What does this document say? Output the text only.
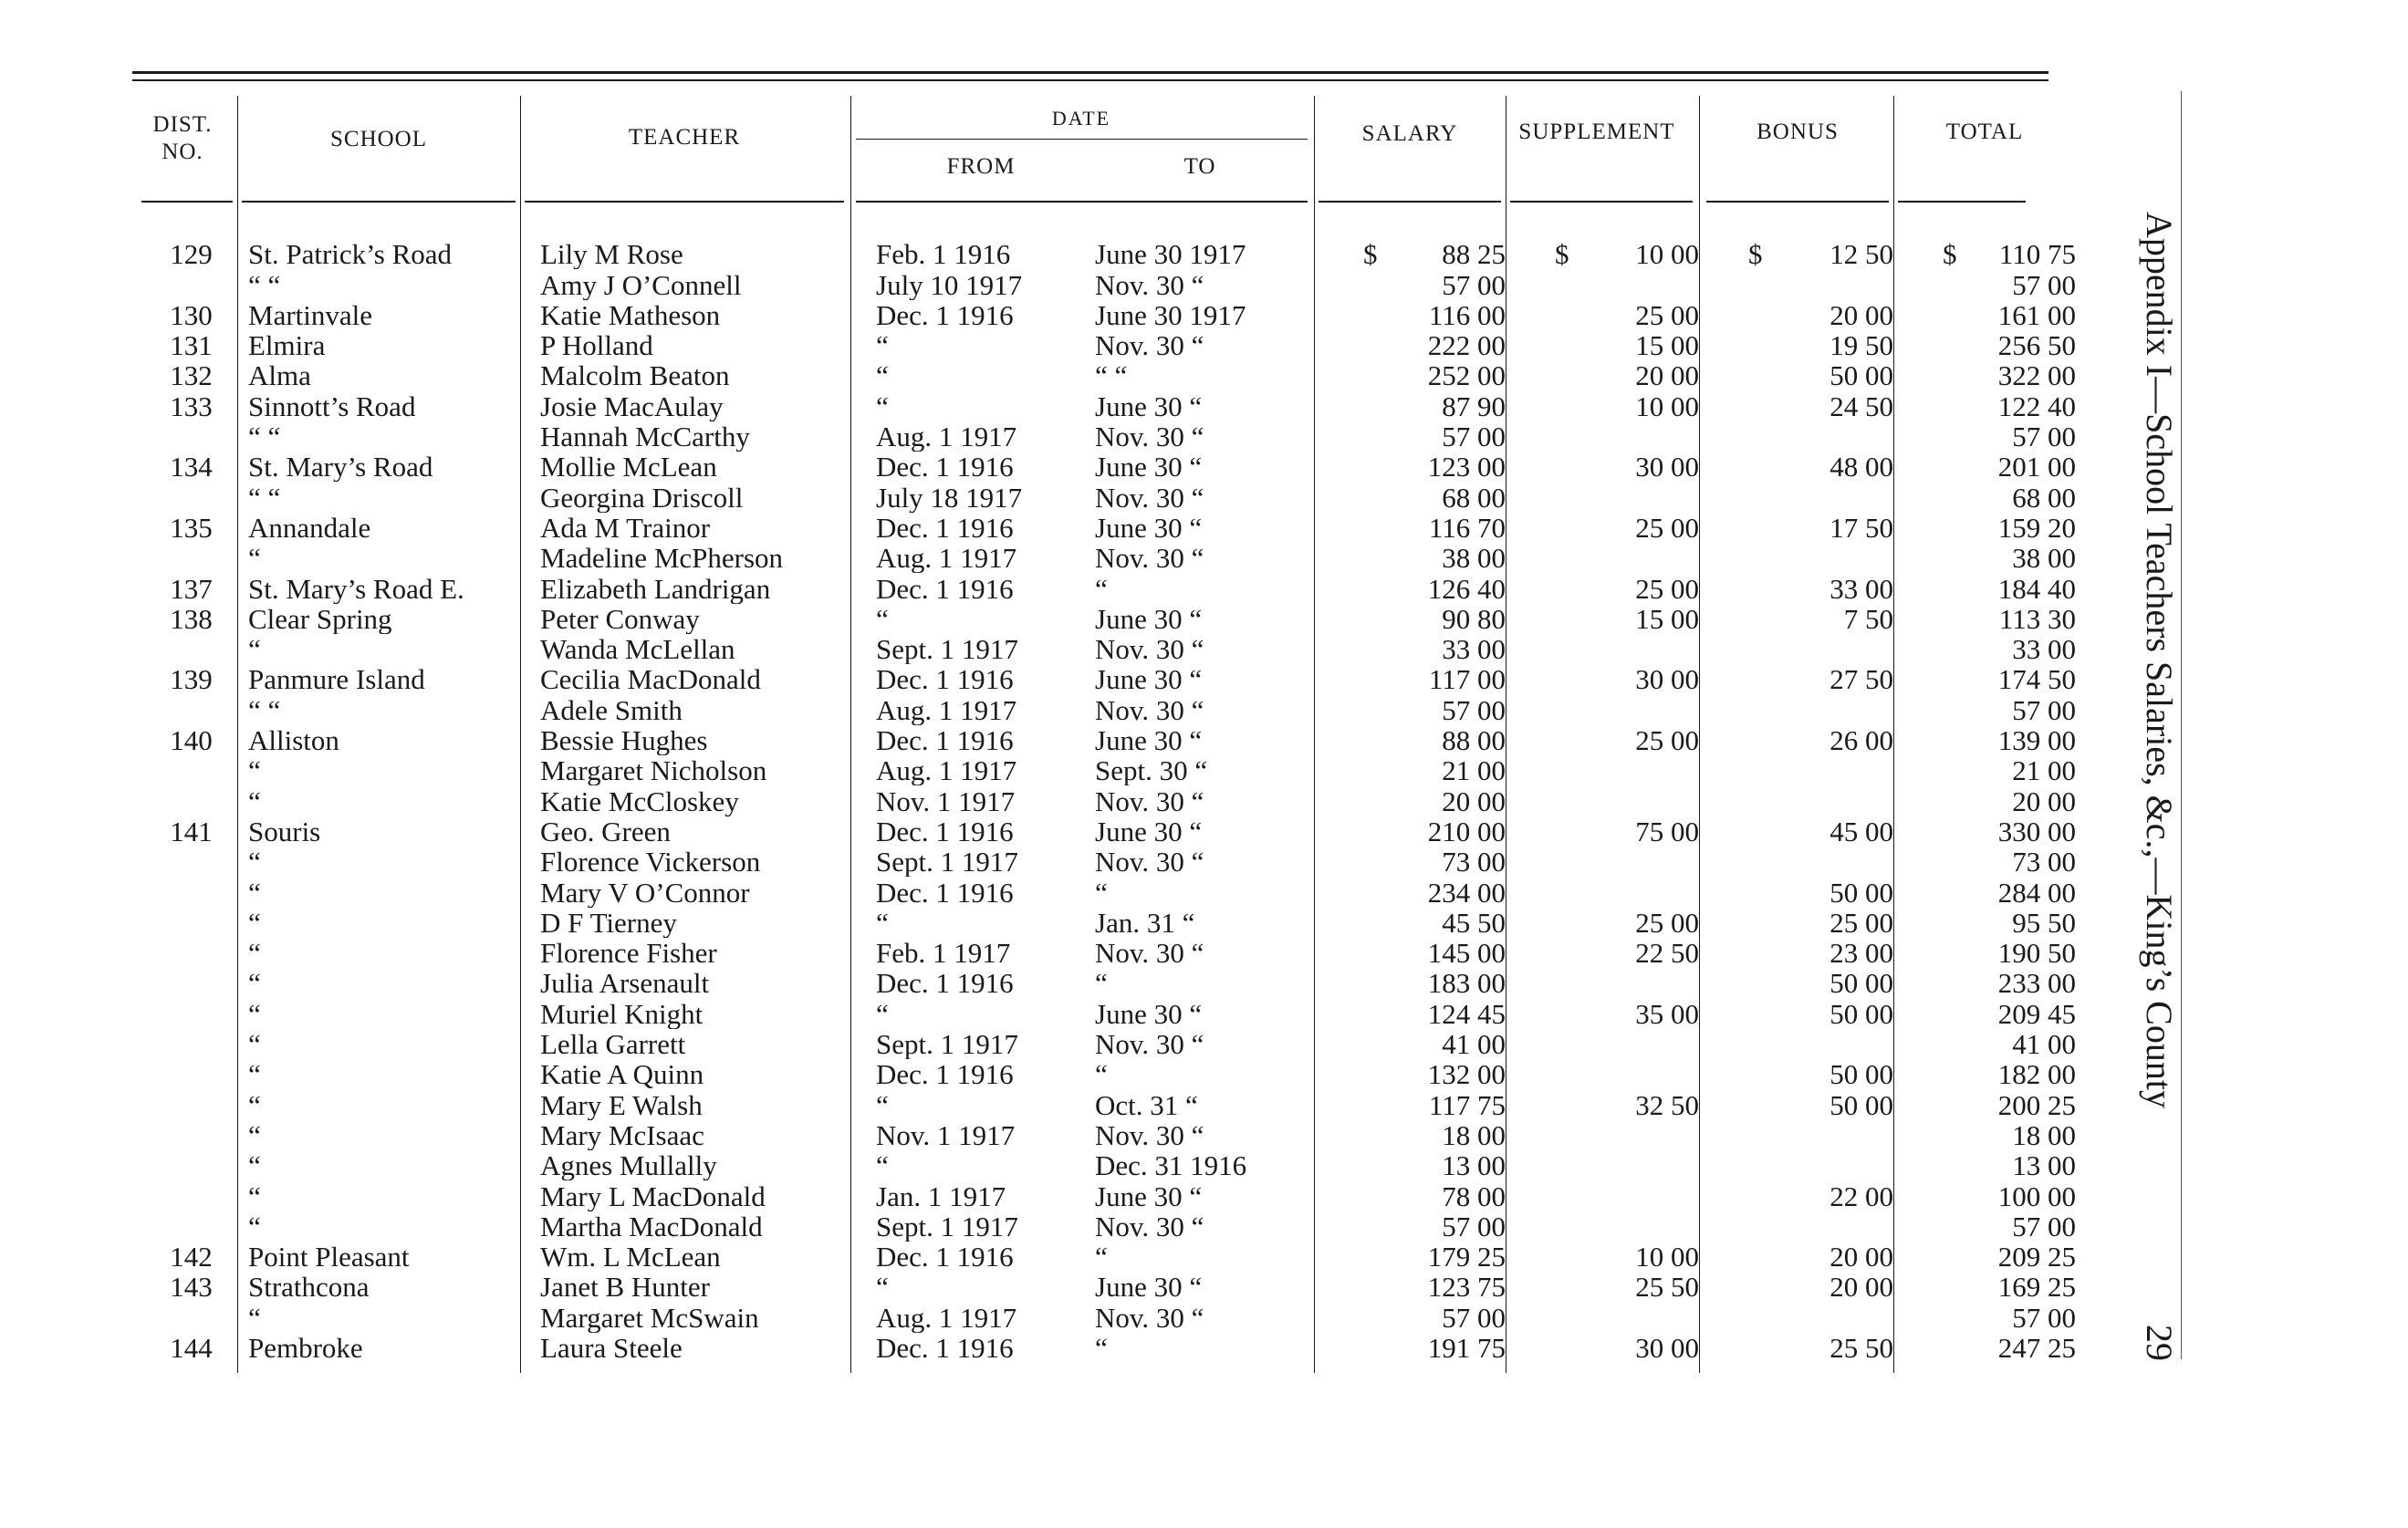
DIST.
NO.
SCHOOL	TEACHER
DATE
FROM	TO
SALARY	SUPPLEMENT	BONUS	TOTAL
129	St. Patrick’s Road	Lily M Rose	Feb. 1 1916	June 30 1917	$ 88 25	$ 10 00	$ 12 50	$ 110 75

	“ “	Amy J O’Connell	July 10 1917	Nov. 30 “	57 00			57 00

130	Martinvale	Katie Matheson	Dec. 1 1916	June 30 1917	116 00	25 00	20 00	161 00

131	Elmira	P Holland	“	Nov. 30 “	222 00	15 00	19 50	256 50

132	Alma	Malcolm Beaton	“	“ “	252 00	20 00	50 00	322 00

133	Sinnott’s Road	Josie MacAulay	“	June 30 “	87 90	10 00	24 50	122 40

	“ “	Hannah McCarthy	Aug. 1 1917	Nov. 30 “	57 00			57 00

134	St. Mary’s Road	Mollie McLean	Dec. 1 1916	June 30 “	123 00	30 00	48 00	201 00

	“ “	Georgina Driscoll	July 18 1917	Nov. 30 “	68 00			68 00

135	Annandale	Ada M Trainor	Dec. 1 1916	June 30 “	116 70	25 00	17 50	159 20

	“	Madeline McPherson	Aug. 1 1917	Nov. 30 “	38 00			38 00

137	St. Mary’s Road E.	Elizabeth Landrigan	Dec. 1 1916	“	126 40	25 00	33 00	184 40

138	Clear Spring	Peter Conway	“	June 30 “	90 80	15 00	7 50	113 30

	“	Wanda McLellan	Sept. 1 1917	Nov. 30 “	33 00			33 00

139	Panmure Island	Cecilia MacDonald	Dec. 1 1916	June 30 “	117 00	30 00	27 50	174 50

	“ “	Adele Smith	Aug. 1 1917	Nov. 30 “	57 00			57 00

140	Alliston	Bessie Hughes	Dec. 1 1916	June 30 “	88 00	25 00	26 00	139 00

	“	Margaret Nicholson	Aug. 1 1917	Sept. 30 “	21 00			21 00

	“	Katie McCloskey	Nov. 1 1917	Nov. 30 “	20 00			20 00

141	Souris	Geo. Green	Dec. 1 1916	June 30 “	210 00	75 00	45 00	330 00

	“	Florence Vickerson	Sept. 1 1917	Nov. 30 “	73 00			73 00

	“	Mary V O’Connor	Dec. 1 1916	“	234 00		50 00	284 00

	“	D F Tierney	“	Jan. 31 “	45 50	25 00	25 00	95 50

	“	Florence Fisher	Feb. 1 1917	Nov. 30 “	145 00	22 50	23 00	190 50

	“	Julia Arsenault	Dec. 1 1916	“	183 00		50 00	233 00

	“	Muriel Knight	“	June 30 “	124 45	35 00	50 00	209 45

	“	Lella Garrett	Sept. 1 1917	Nov. 30 “	41 00			41 00

	“	Katie A Quinn	Dec. 1 1916	“	132 00		50 00	182 00

	“	Mary E Walsh	“	Oct. 31 “	117 75	32 50	50 00	200 25

	“	Mary McIsaac	Nov. 1 1917	Nov. 30 “	18 00			18 00

	“	Agnes Mullally	“	Dec. 31 1916	13 00			13 00

	“	Mary L MacDonald	Jan. 1 1917	June 30 “	78 00		22 00	100 00

	“	Martha MacDonald	Sept. 1 1917	Nov. 30 “	57 00			57 00

142	Point Pleasant	Wm. L McLean	Dec. 1 1916	“	179 25	10 00	20 00	209 25

143	Strathcona	Janet B Hunter	“	June 30 “	123 75	25 50	20 00	169 25

	“	Margaret McSwain	Aug. 1 1917	Nov. 30 “	57 00			57 00

144	Pembroke	Laura Steele	Dec. 1 1916	“	191 75	30 00	25 50	247 25
Appendix I—School Teachers Salaries, &c.,—King’s County
29
